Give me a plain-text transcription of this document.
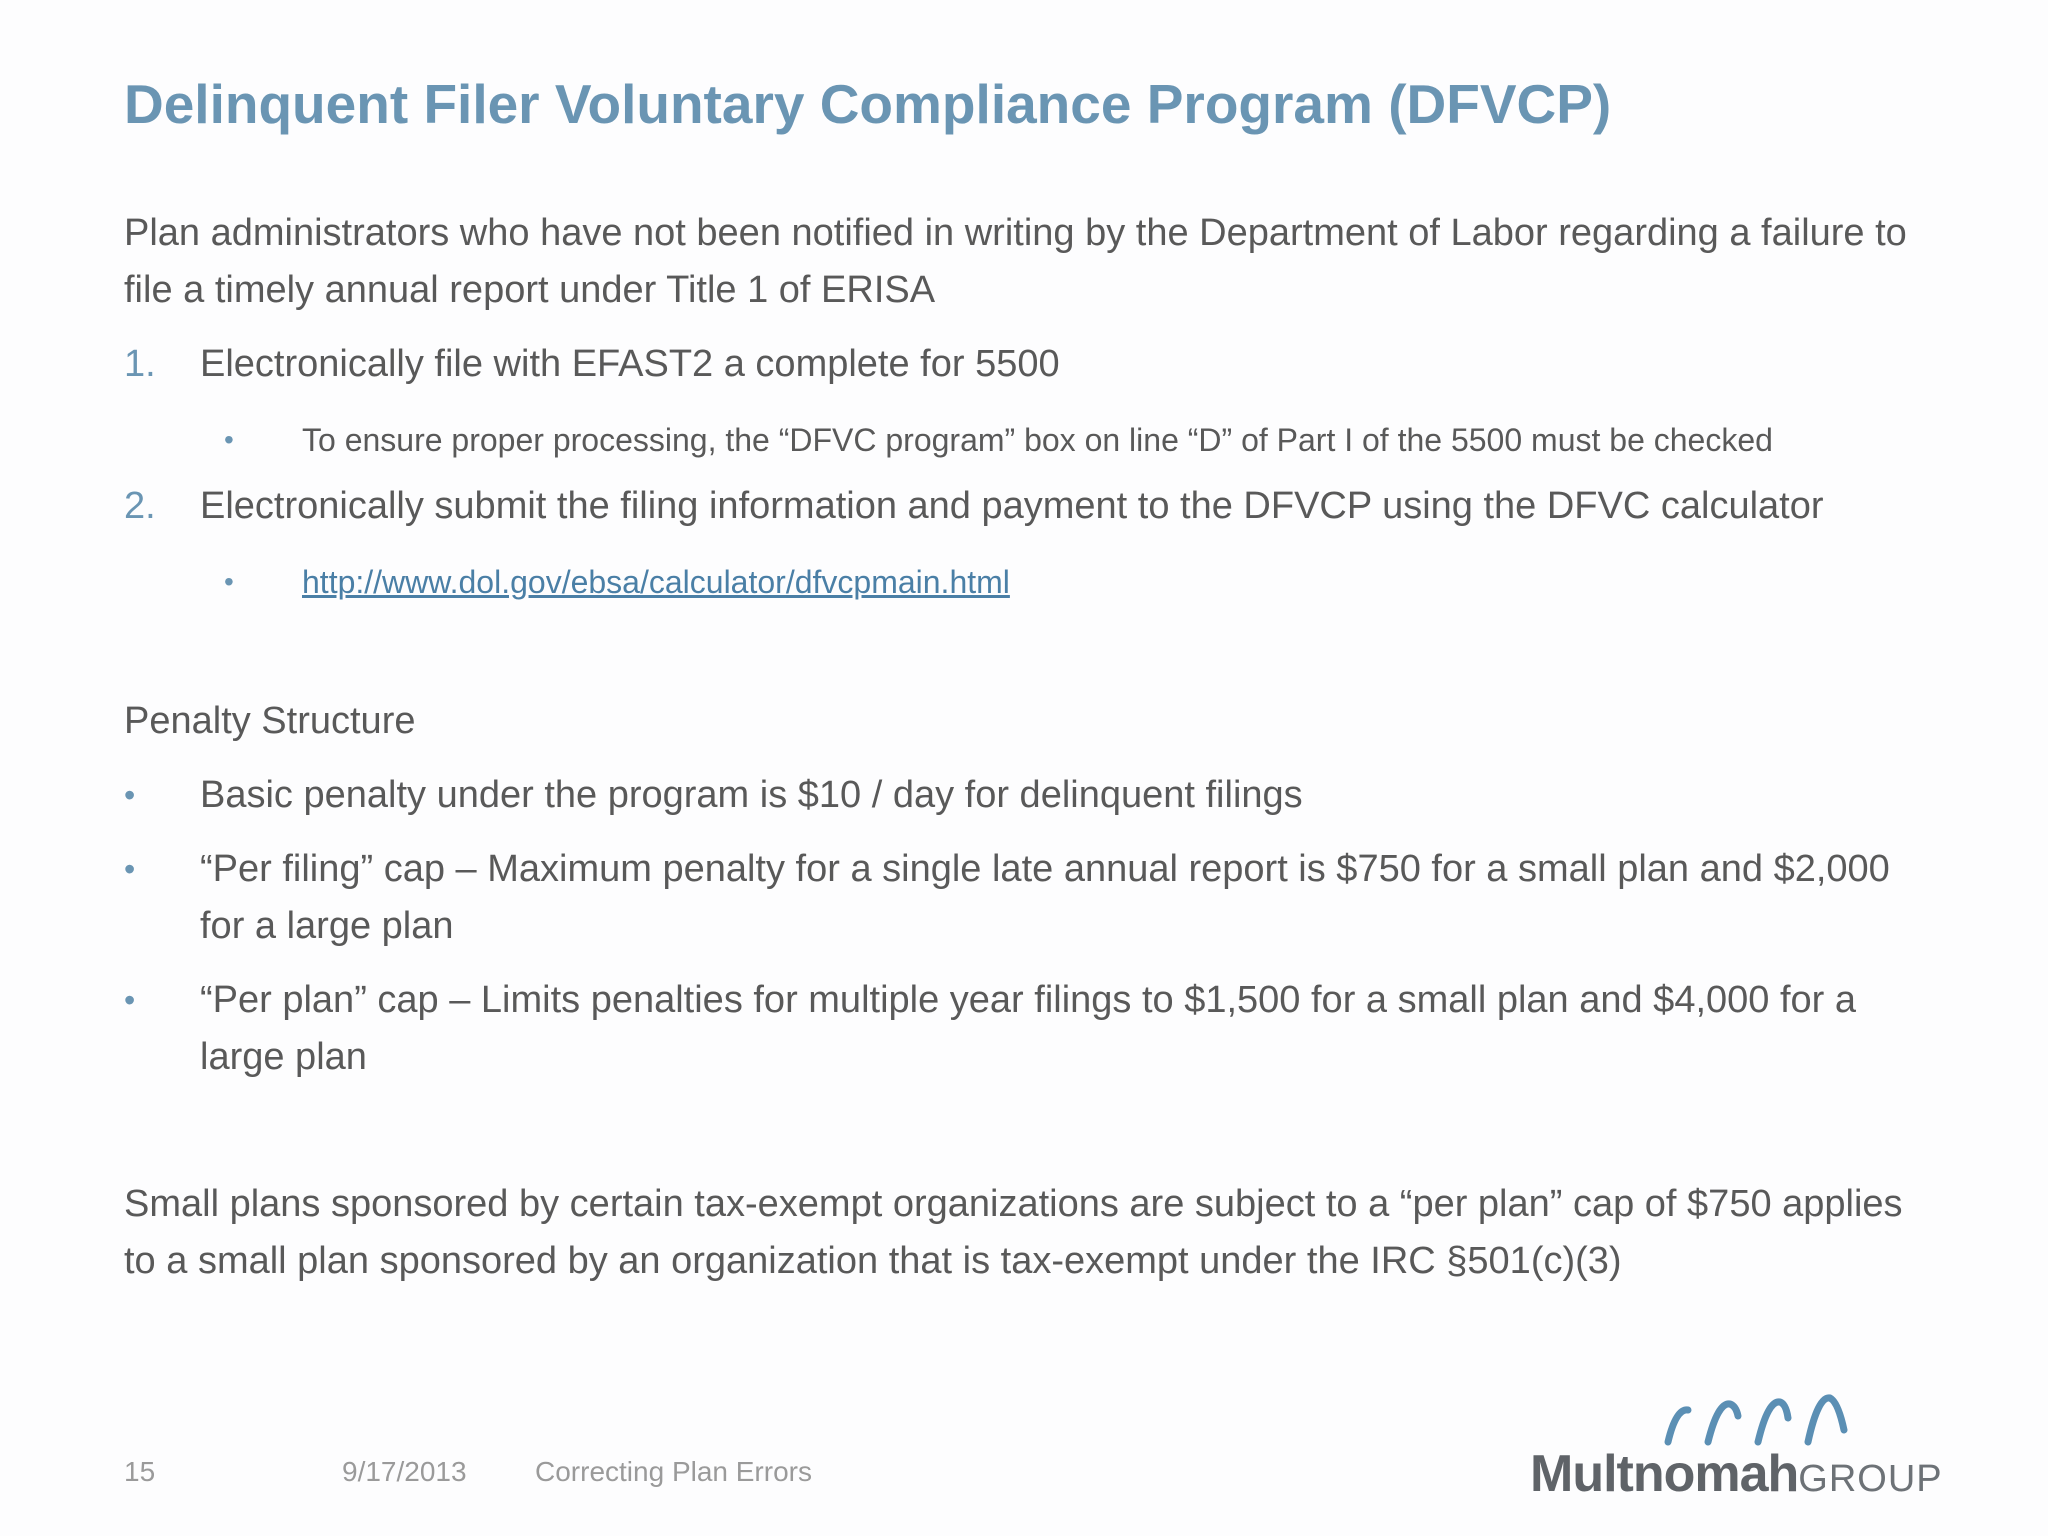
Delinquent Filer Voluntary Compliance Program (DFVCP)
Plan administrators who have not been notified in writing by the Department of Labor regarding a failure to file a timely annual report under Title 1 of ERISA
1. Electronically file with EFAST2 a complete for 5500
• To ensure proper processing, the “DFVC program” box on line “D” of Part I of the 5500 must be checked
2. Electronically submit the filing information and payment to the DFVCP using the DFVC calculator
• http://www.dol.gov/ebsa/calculator/dfvcpmain.html
Penalty Structure
• Basic penalty under the program is $10 / day for delinquent filings
• “Per filing” cap – Maximum penalty for a single late annual report is $750 for a small plan and $2,000 for a large plan
• “Per plan” cap – Limits penalties for multiple year filings to $1,500 for a small plan and $4,000 for a large plan
Small plans sponsored by certain tax-exempt organizations are subject to a “per plan” cap of $750 applies to a small plan sponsored by an organization that is tax-exempt under the IRC §501(c)(3)
15	9/17/2013 Correcting Plan Errors	MultnomahGROUP
